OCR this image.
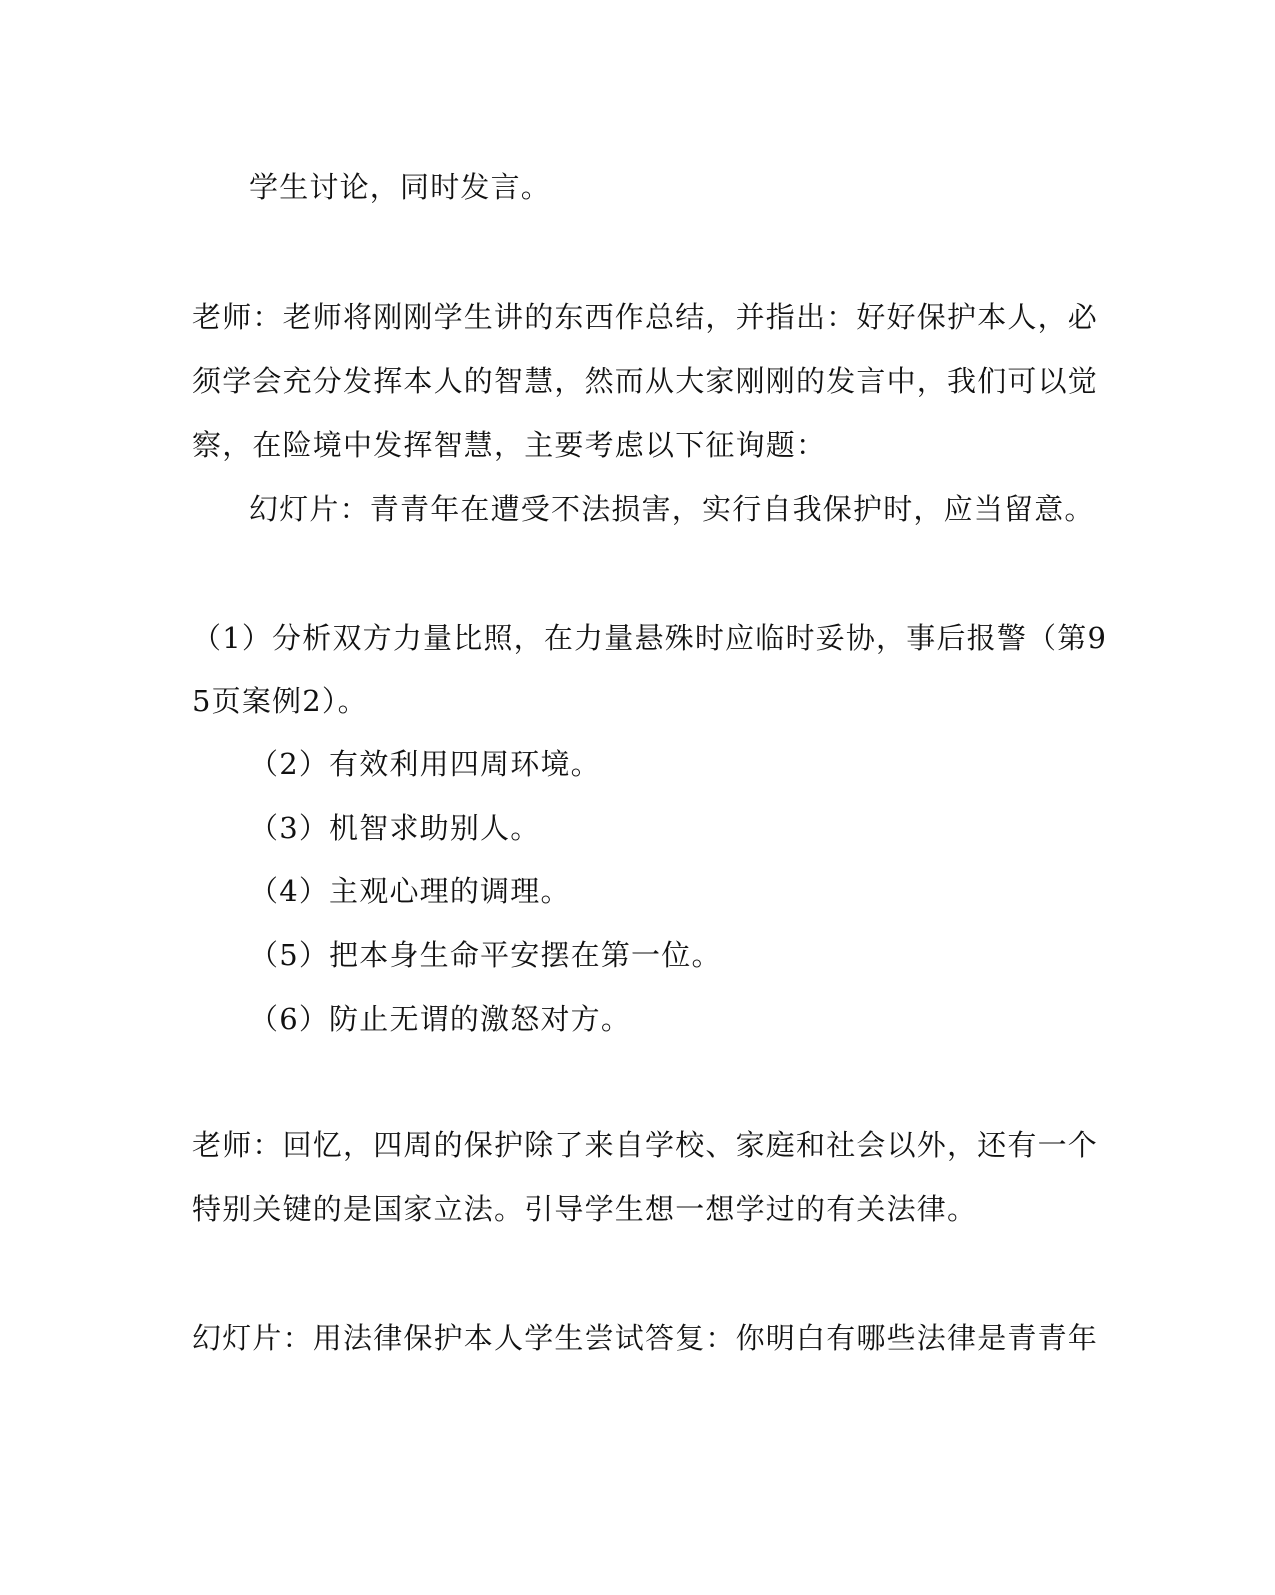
学生讨论，同时发言。
老师：老师将刚刚学生讲的东西作总结，并指出：好好保护本人，必
须学会充分发挥本人的智慧，然而从大家刚刚的发言中，我们可以觉
察，在险境中发挥智慧，主要考虑以下征询题：
幻灯片：青青年在遭受不法损害，实行自我保护时，应当留意。
（1）分析双方力量比照，在力量悬殊时应临时妥协，事后报警（第9
5页案例2）。
（2）有效利用四周环境。
（3）机智求助别人。
（4）主观心理的调理。
（5）把本身生命平安摆在第一位。
（6）防止无谓的激怒对方。
老师：回忆，四周的保护除了来自学校、家庭和社会以外，还有一个
特别关键的是国家立法。引导学生想一想学过的有关法律。
幻灯片：用法律保护本人学生尝试答复：你明白有哪些法律是青青年
